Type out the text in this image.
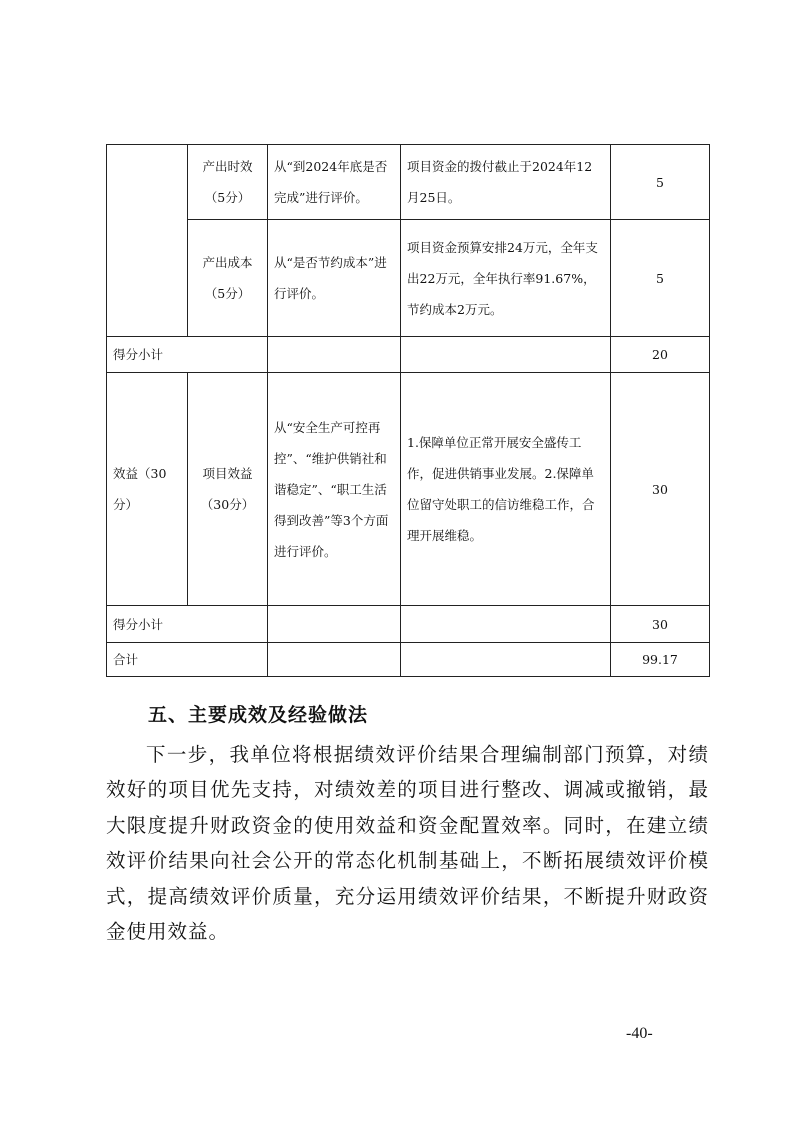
	产出时效（5分）	从“到2024年底是否完成”进行评价。	项目资金的拨付截止于2024年12月25日。	5
	产出成本（5分）	从“是否节约成本”进行评价。	项目资金预算安排24万元，全年支出22万元，全年执行率91.67%，节约成本2万元。	5
得分小计				20
效益（30分）	项目效益（30分）	从“安全生产可控再控”、“维护供销社和谐稳定”、“职工生活得到改善”等3个方面进行评价。	1.保障单位正常开展安全盛传工作，促进供销事业发展。2.保障单位留守处职工的信访维稳工作，合理开展维稳。	30
得分小计				30
合计				99.17
五、主要成效及经验做法

下一步，我单位将根据绩效评价结果合理编制部门预算，对绩效好的项目优先支持，对绩效差的项目进行整改、调减或撤销，最大限度提升财政资金的使用效益和资金配置效率。同时，在建立绩效评价结果向社会公开的常态化机制基础上，不断拓展绩效评价模式，提高绩效评价质量，充分运用绩效评价结果，不断提升财政资金使用效益。

-40-
